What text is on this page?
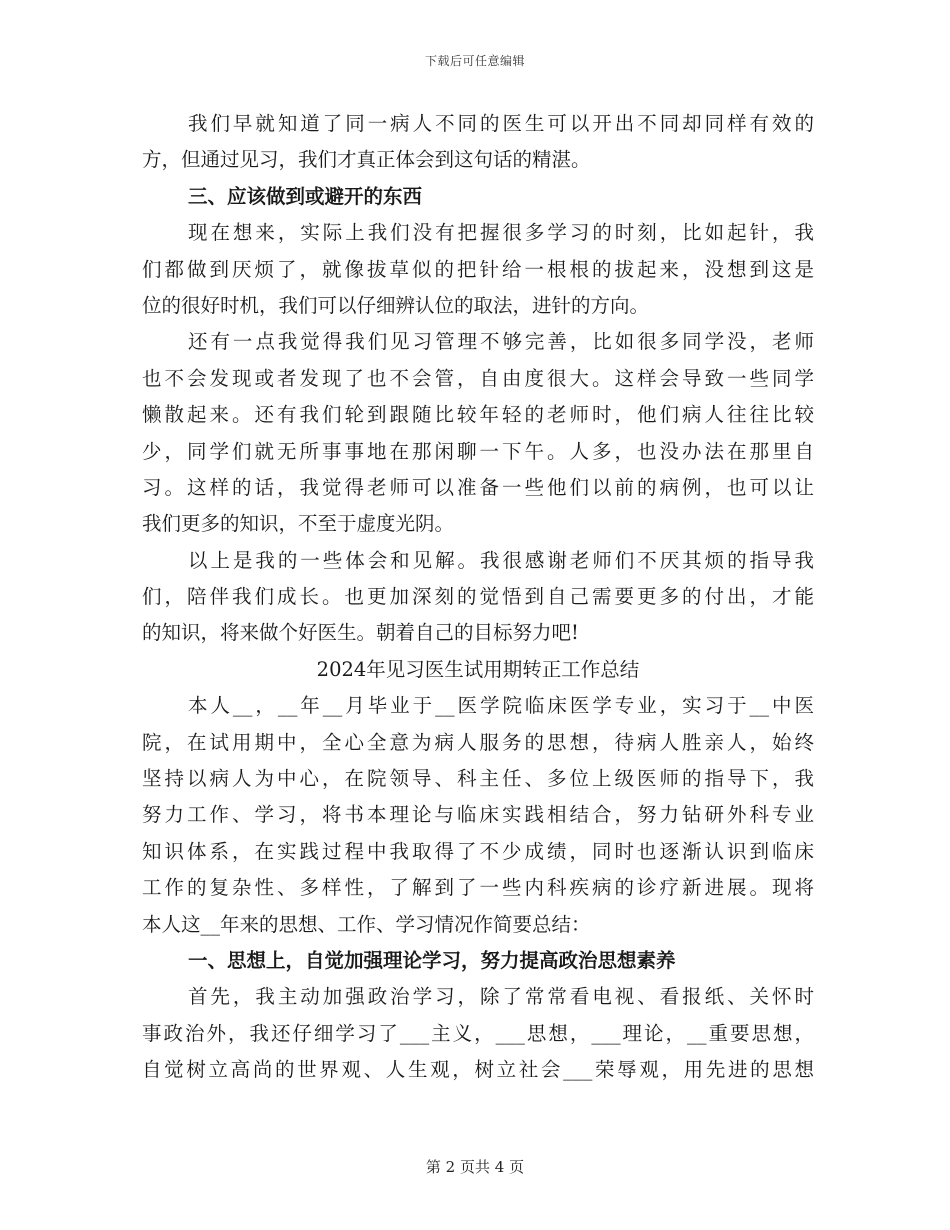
下载后可任意编辑
我们早就知道了同一病人不同的医生可以开出不同却同样有效的
方，但通过见习，我们才真正体会到这句话的精湛。
三、应该做到或避开的东西
现在想来，实际上我们没有把握很多学习的时刻，比如起针，我
们都做到厌烦了，就像拔草似的把针给一根根的拔起来，没想到这是
位的很好时机，我们可以仔细辨认位的取法，进针的方向。
还有一点我觉得我们见习管理不够完善，比如很多同学没，老师
也不会发现或者发现了也不会管，自由度很大。这样会导致一些同学
懒散起来。还有我们轮到跟随比较年轻的老师时，他们病人往往比较
少，同学们就无所事事地在那闲聊一下午。人多，也没办法在那里自
习。这样的话，我觉得老师可以准备一些他们以前的病例，也可以让
我们更多的知识，不至于虚度光阴。
以上是我的一些体会和见解。我很感谢老师们不厌其烦的指导我
们，陪伴我们成长。也更加深刻的觉悟到自己需要更多的付出，才能
的知识，将来做个好医生。朝着自己的目标努力吧!
2024年见习医生试用期转正工作总结
本人__，__年__月毕业于__医学院临床医学专业，实习于__中医
院，在试用期中，全心全意为病人服务的思想，待病人胜亲人，始终
坚持以病人为中心，在院领导、科主任、多位上级医师的指导下，我
努力工作、学习，将书本理论与临床实践相结合，努力钻研外科专业
知识体系，在实践过程中我取得了不少成绩，同时也逐渐认识到临床
工作的复杂性、多样性，了解到了一些内科疾病的诊疗新进展。现将
本人这__年来的思想、工作、学习情况作简要总结：
一、思想上，自觉加强理论学习，努力提高政治思想素养
首先，我主动加强政治学习，除了常常看电视、看报纸、关怀时
事政治外，我还仔细学习了___主义，___思想，___理论，__重要思想，
自觉树立高尚的世界观、人生观，树立社会___荣辱观，用先进的思想
第 2 页共 4 页
